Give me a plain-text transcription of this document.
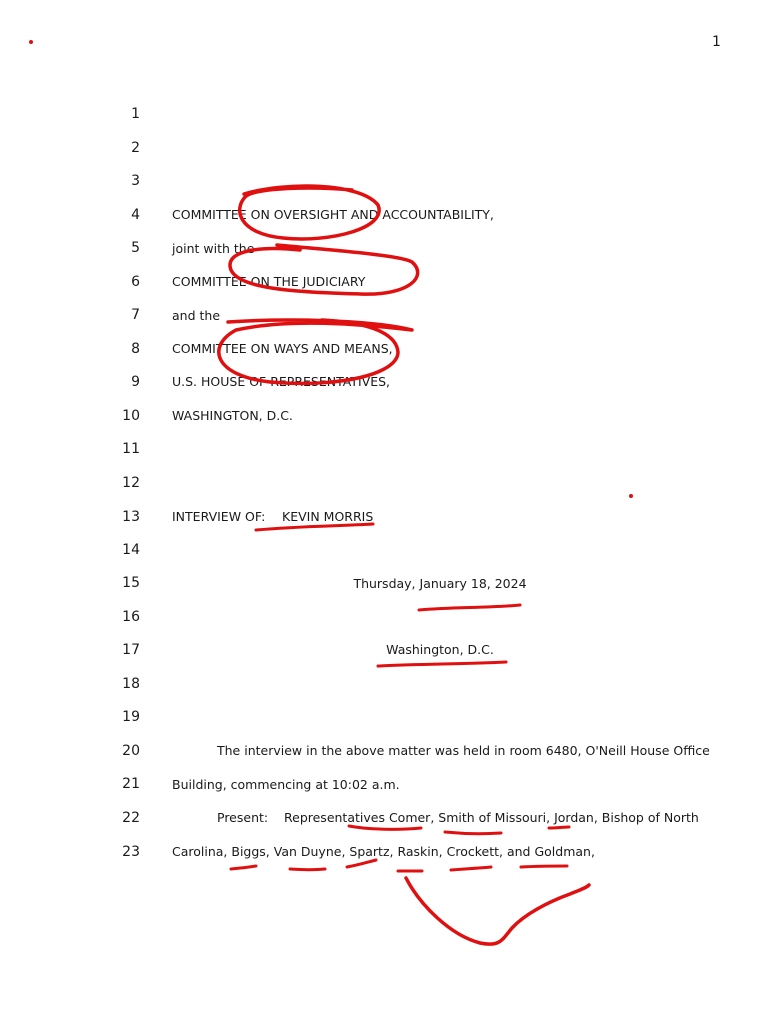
1
1
2
3
4
5
6
7
8
9
10
11
12
13
14
15
16
17
18
19
20
21
22
23
COMMITTEE ON OVERSIGHT AND ACCOUNTABILITY,
joint with the
COMMITTEE ON THE JUDICIARY
and the
COMMITTEE ON WAYS AND MEANS,
U.S. HOUSE OF REPRESENTATIVES,
WASHINGTON, D.C.
INTERVIEW OF: KEVIN MORRIS
Thursday, January 18, 2024
Washington, D.C.
The interview in the above matter was held in room 6480, O'Neill House Office
Building, commencing at 10:02 a.m.
Present: Representatives Comer, Smith of Missouri, Jordan, Bishop of North
Carolina, Biggs, Van Duyne, Spartz, Raskin, Crockett, and Goldman,
